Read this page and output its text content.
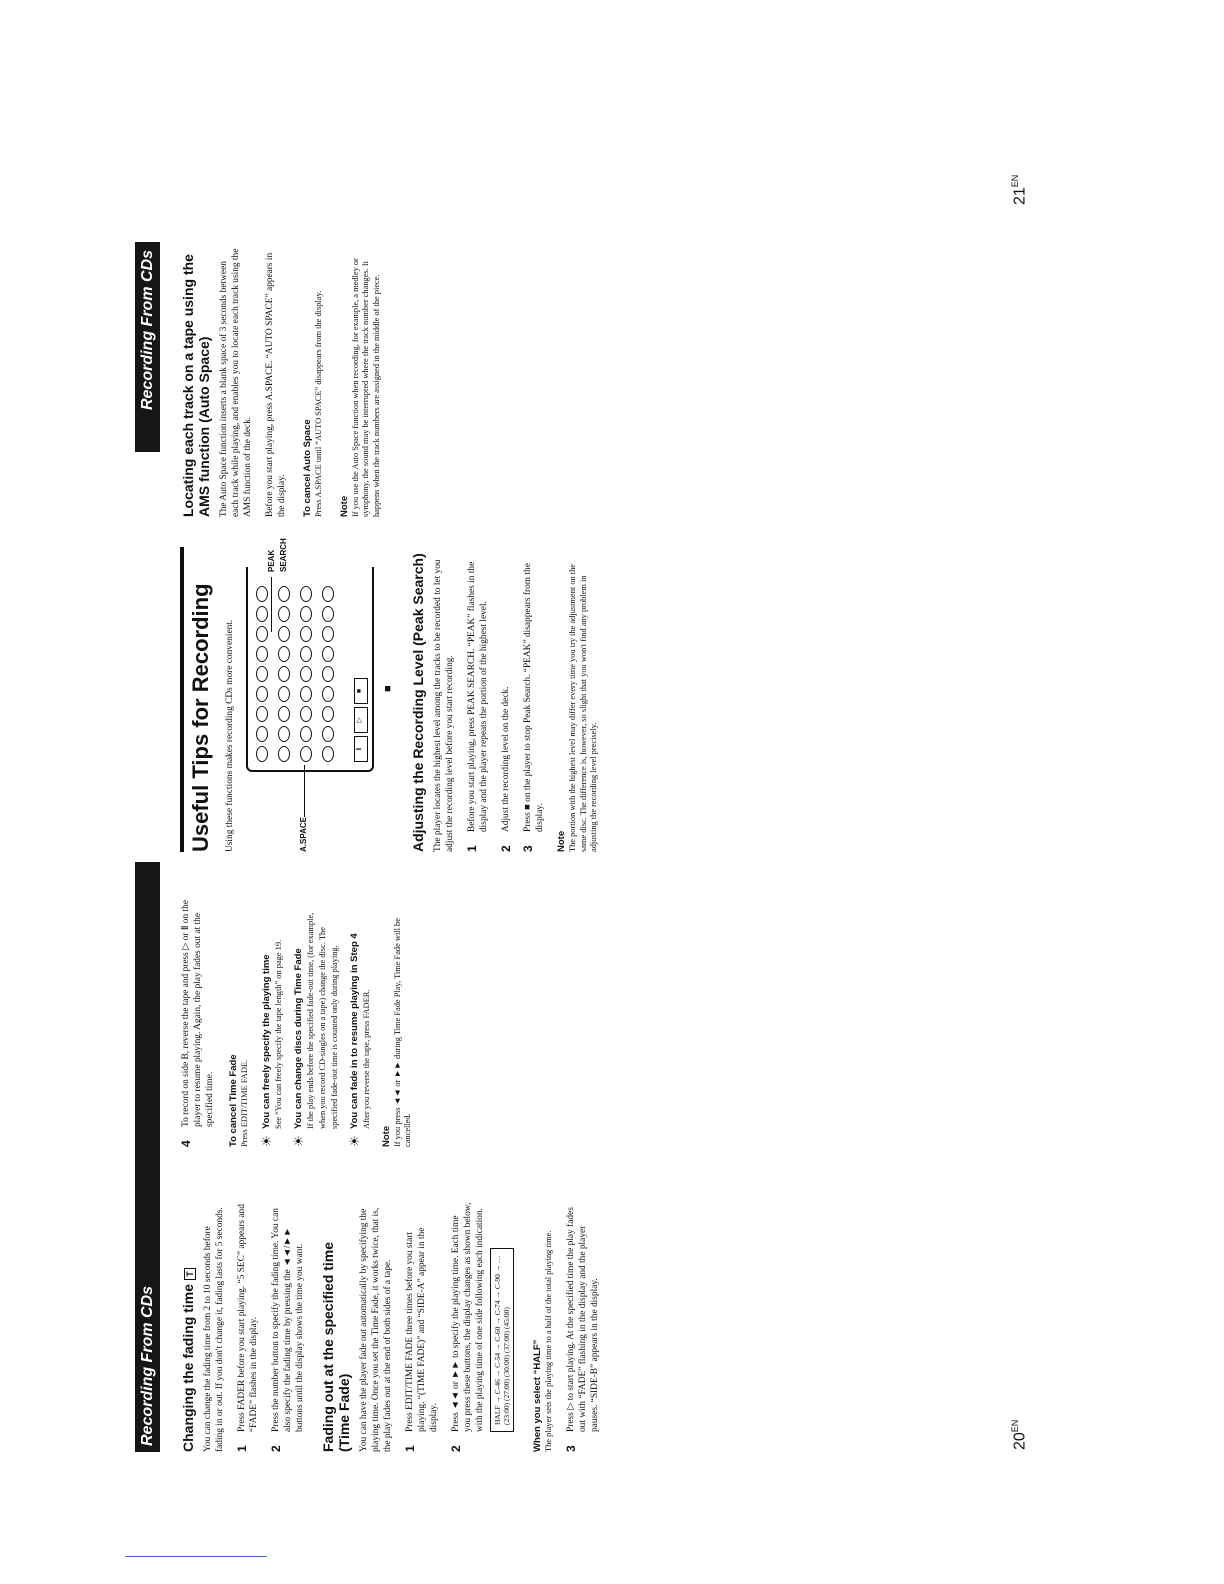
Recording From CDs
Recording From CDs
Changing the fading timeT You can change the fading time from 2 to 10 seconds before fading in or out. If you don't change it, fading lasts for 5 seconds. 1
Press FADER before you start playing. “5 SEC” appears and “FADE” flashes in the display.
2
Press the number button to specify the fading time. You can also specify the fading time by pressing the ◄◄/►► buttons until the display shows the time you want. Fading out at the specified time (Time Fade) You can have the player fade out automatically by specifying the playing time. Once you set the Time Fade, it works twice, that is, the play fades out at the end of both sides of a tape. 1
Press EDIT/TIME FADE three times before you start playing. “(TIME FADE)” and “SIDE-A” appear in the display.
2
Press ◄◄ or ►► to specify the playing time. Each time you press these buttons, the display changes as shown below, with the playing time of one side following each indication. HALF → C-46 → C-54 → C-60 → C-74 → C-90 → …
(23:00) (27:00) (30:00) (37:00) (45:00)	When you select “HALF” The player sets the playing time to a half of the total playing time. 3
Press ▷ to start playing. At the specified time the play fades out with “FADE” flashing in the display and the player pauses. “SIDE-B” appears in the display.
4
To record on side B, reverse the tape and press ▷ or Ⅱ on the player to resume playing. Again, the play fades out at the specified time. To cancel Time Fade Press EDIT/TIME FADE. ☀
You can freely specify the playing time See “You can freely specify the tape length” on page 19.
☀
You can change discs during Time Fade If the play ends before the specified fade-out time, (for example, when you record CD-singles on a tape) change the disc. The specified fade-out time is counted only during playing.
☀
You can fade in to resume playing in Step 4 After you reverse the tape, press FADER.
Note If you press ◄◄ or ►► during Time Fade Play, Time Fade will be cancelled.

Useful Tips for Recording Using these functions makes recording CDs more convenient.	Ⅱ
▷
■
A.SPACE
PEAK SEARCH
■ Adjusting the Recording Level (Peak Search) The player locates the highest level among the tracks to be recorded to let you adjust the recording level before you start recording. 1
Before you start playing, press PEAK SEARCH. “PEAK” flashes in the display and the player repeats the portion of the highest level.
2
Adjust the recording level on the deck.
3
Press ■ on the player to stop Peak Search. “PEAK” disappears from the display.
Note The portion with the highest level may differ every time you try the adjustment on the same disc. The difference is, however, so slight that you won't find any problem in adjusting the recording level precisely.

Locating each track on a tape using the AMS function (Auto Space) The Auto Space function inserts a blank space of 3 seconds between each track while playing, and enables you to locate each track using the AMS function of the deck. Before you start playing, press A.SPACE. “AUTO SPACE” appears in the display. To cancel Auto Space Press A.SPACE until “AUTO SPACE” disappears from the display. Note If you use the Auto Space function when recording, for example, a medley or symphony, the sound may be interrupted where the track number changes. It happens when the track numbers are assigned in the middle of the piece.

$20^{EN}$
$21^{EN}$
